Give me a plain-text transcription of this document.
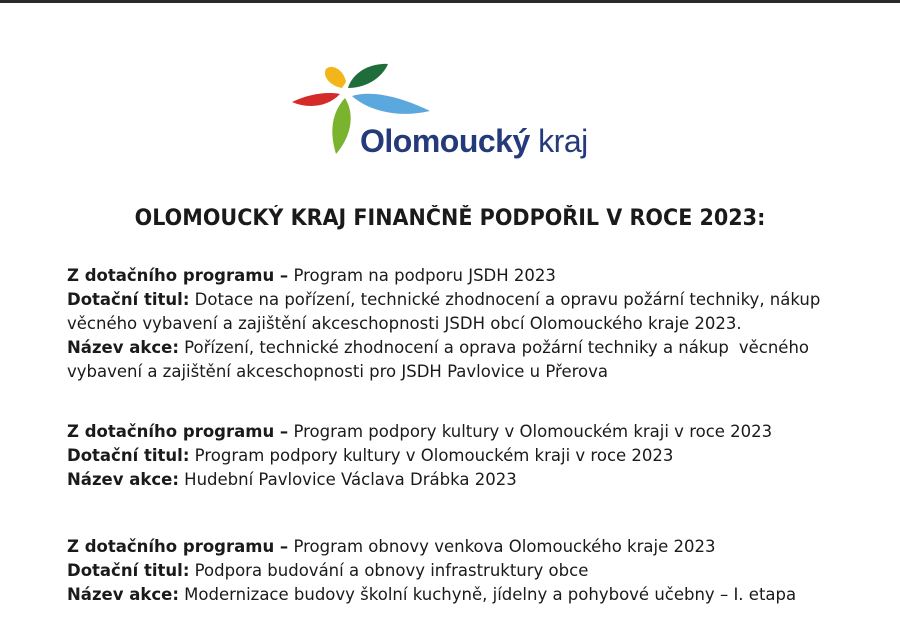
Olomoucký kraj
OLOMOUCKÝ KRAJ FINANČNĚ PODPOŘIL V ROCE 2023:
Z dotačního programu – Program na podporu JSDH 2023
Dotační titul: Dotace na pořízení, technické zhodnocení a opravu požární techniky, nákup
věcného vybavení a zajištění akceschopnosti JSDH obcí Olomouckého kraje 2023.
Název akce: Pořízení, technické zhodnocení a oprava požární techniky a nákup věcného
vybavení a zajištění akceschopnosti pro JSDH Pavlovice u Přerova
Z dotačního programu – Program podpory kultury v Olomouckém kraji v roce 2023
Dotační titul: Program podpory kultury v Olomouckém kraji v roce 2023
Název akce: Hudební Pavlovice Václava Drábka 2023
Z dotačního programu – Program obnovy venkova Olomouckého kraje 2023
Dotační titul: Podpora budování a obnovy infrastruktury obce
Název akce: Modernizace budovy školní kuchyně, jídelny a pohybové učebny – I. etapa
